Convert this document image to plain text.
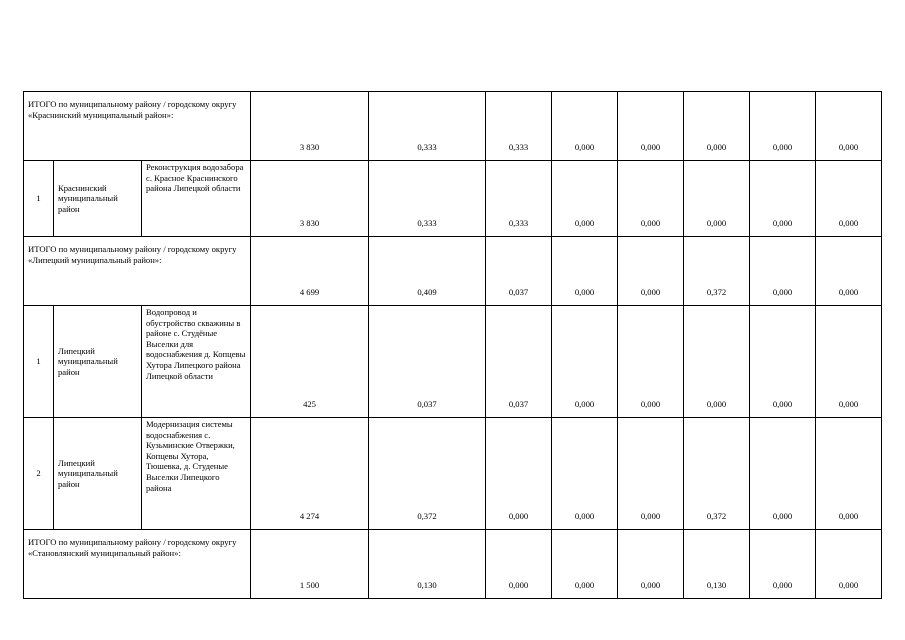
ИТОГО по муниципальному району / городскому округу «Краснинский муниципальный район»:			3 830	0,333	0,333	0,000	0,000	0,000	0,000	0,000
1	Краснинский муниципальный район	Реконструкция водозабора с. Красное Краснинского района Липецкой области	3 830	0,333	0,333	0,000	0,000	0,000	0,000	0,000
ИТОГО по муниципальному району / городскому округу «Липецкий муниципальный район»:			4 699	0,409	0,037	0,000	0,000	0,372	0,000	0,000
1	Липецкий муниципальный район	Водопровод и обустройство скважины в районе с. Студёные Выселки для водоснабжения д. Копцевы Хутора Липецкого района Липецкой области	425	0,037	0,037	0,000	0,000	0,000	0,000	0,000
2	Липецкий муниципальный район	Модернизация системы водоснабжения с. Кузьминские Отвержки, Копцевы Хутора, Тюшевка, д. Студеные Выселки Липецкого района	4 274	0,372	0,000	0,000	0,000	0,372	0,000	0,000
ИТОГО по муниципальному району / городскому округу «Становлянский муниципальный район»:			1 500	0,130	0,000	0,000	0,000	0,130	0,000	0,000
